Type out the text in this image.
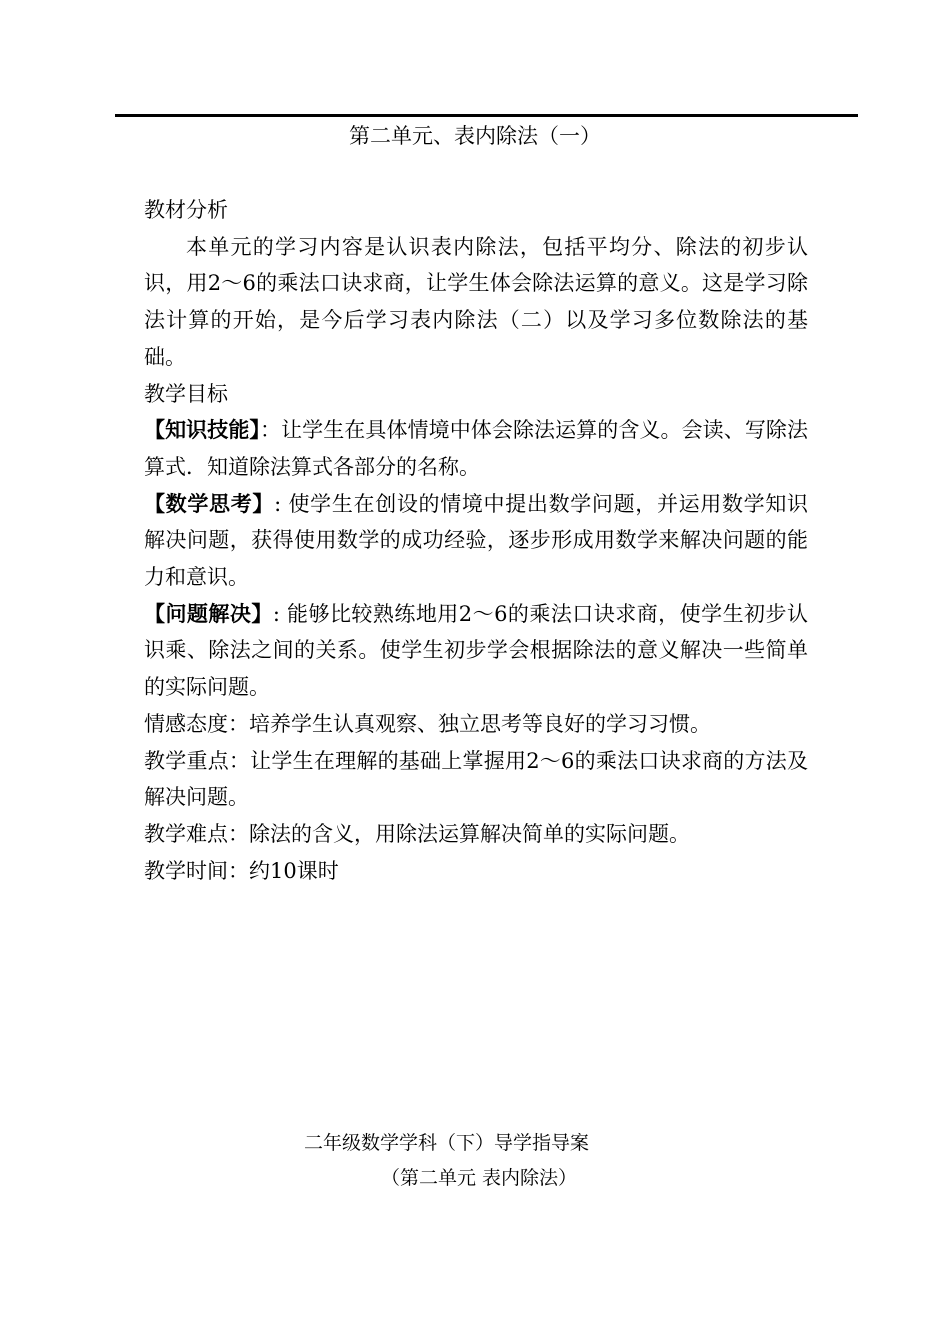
第二单元、表内除法（一）

教材分析

本单元的学习内容是认识表内除法，包括平均分、除法的初步认识，用2～6的乘法口诀求商，让学生体会除法运算的意义。这是学习除法计算的开始，是今后学习表内除法（二）以及学习多位数除法的基础。

教学目标

【知识技能】：让学生在具体情境中体会除法运算的含义。会读、写除法算式．知道除法算式各部分的名称。

【数学思考】: 使学生在创设的情境中提出数学问题，并运用数学知识解决问题，获得使用数学的成功经验，逐步形成用数学来解决问题的能力和意识。

【问题解决】: 能够比较熟练地用2～6的乘法口诀求商，使学生初步认识乘、除法之间的关系。使学生初步学会根据除法的意义解决一些简单的实际问题。

情感态度：培养学生认真观察、独立思考等良好的学习习惯。

教学重点：让学生在理解的基础上掌握用2～6的乘法口诀求商的方法及解决问题。

教学难点：除法的含义，用除法运算解决简单的实际问题。

教学时间：约10课时

二年级数学学科（下）导学指导案
（第二单元 表内除法）
